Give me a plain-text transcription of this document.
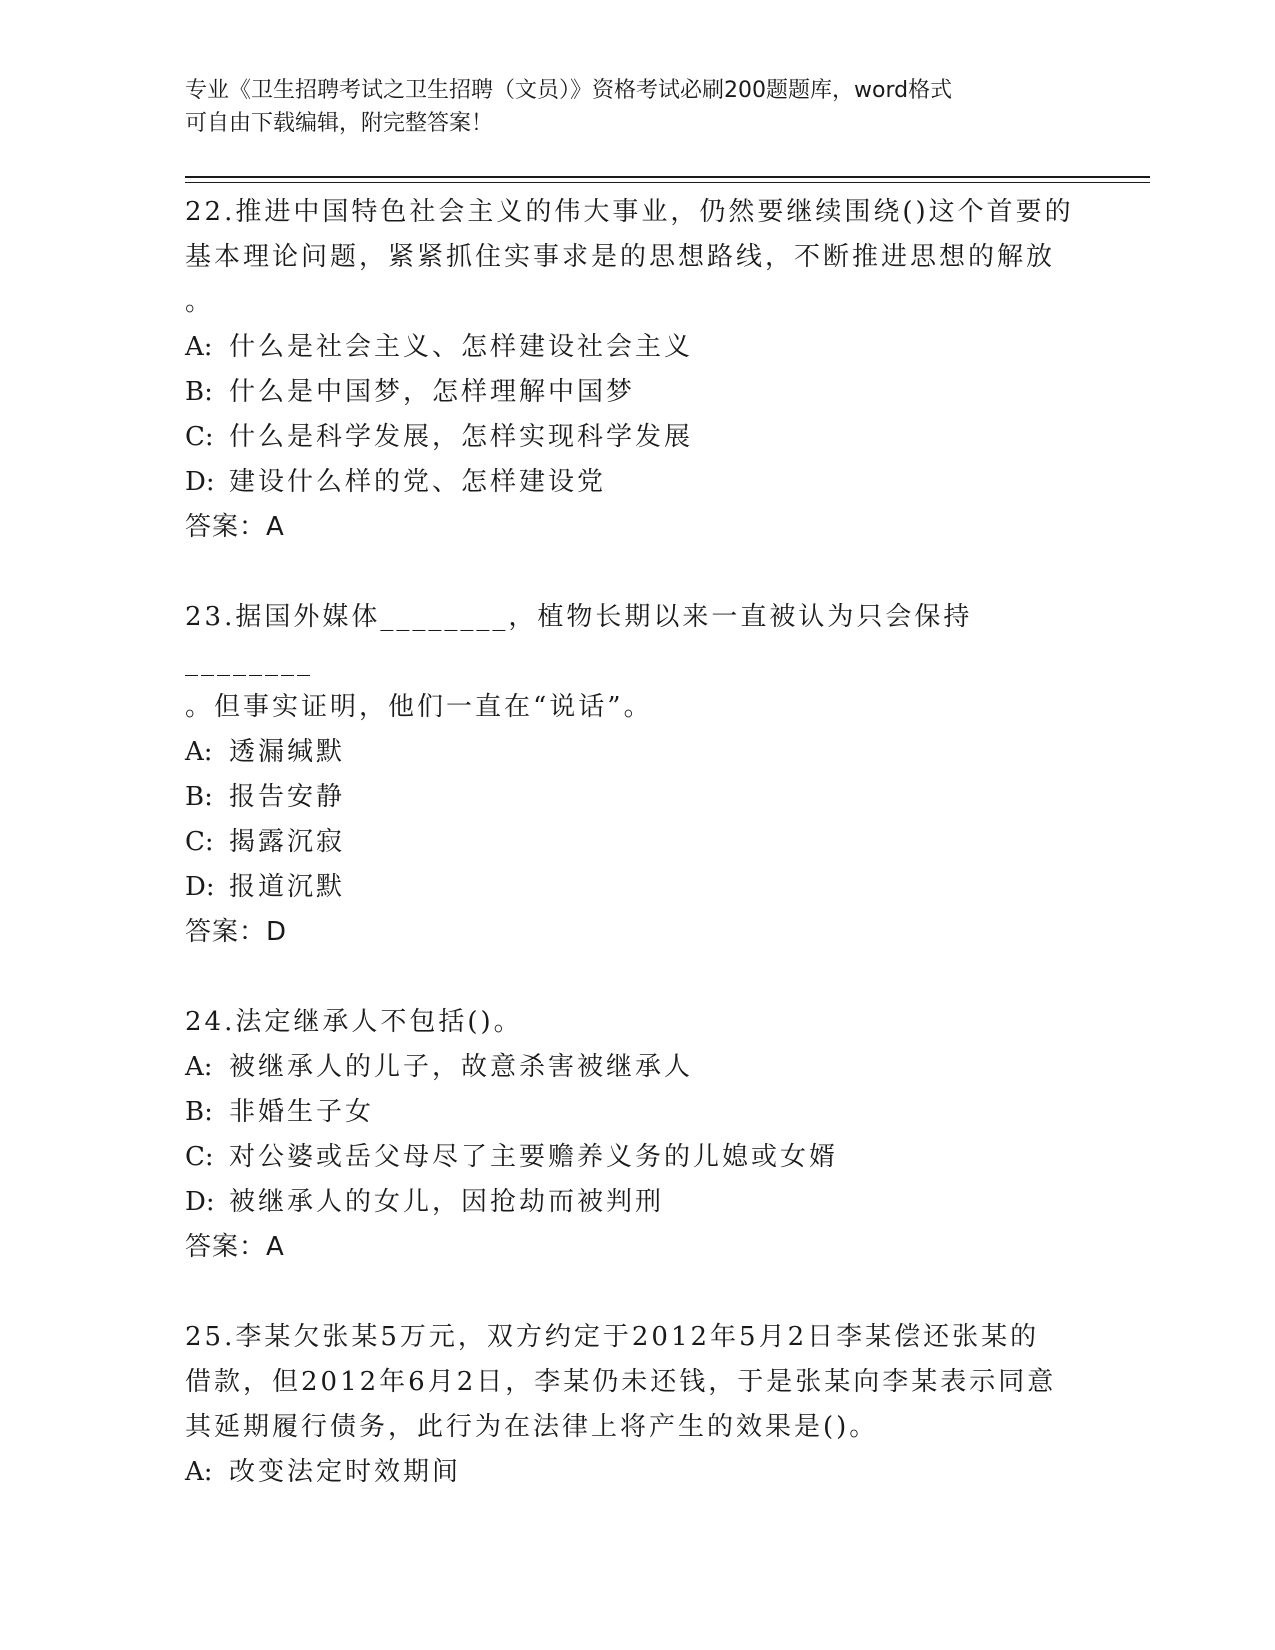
专业《卫生招聘考试之卫生招聘（文员）》资格考试必刷200题题库，word格式
可自由下载编辑，附完整答案！

22.推进中国特色社会主义的伟大事业，仍然要继续围绕()这个首要的

基本理论问题，紧紧抓住实事求是的思想路线，不断推进思想的解放

。

A: 什么是社会主义、怎样建设社会主义

B: 什么是中国梦，怎样理解中国梦

C: 什么是科学发展，怎样实现科学发展

D: 建设什么样的党、怎样建设党

答案：A

23.据国外媒体________，植物长期以来一直被认为只会保持________

。但事实证明，他们一直在“说话”。

A: 透漏缄默

B: 报告安静

C: 揭露沉寂

D: 报道沉默

答案：D

24.法定继承人不包括()。

A: 被继承人的儿子，故意杀害被继承人

B: 非婚生子女

C: 对公婆或岳父母尽了主要赡养义务的儿媳或女婿

D: 被继承人的女儿，因抢劫而被判刑

答案：A

25.李某欠张某5万元，双方约定于2012年5月2日李某偿还张某的

借款，但2012年6月2日，李某仍未还钱，于是张某向李某表示同意

其延期履行债务，此行为在法律上将产生的效果是()。

A: 改变法定时效期间
